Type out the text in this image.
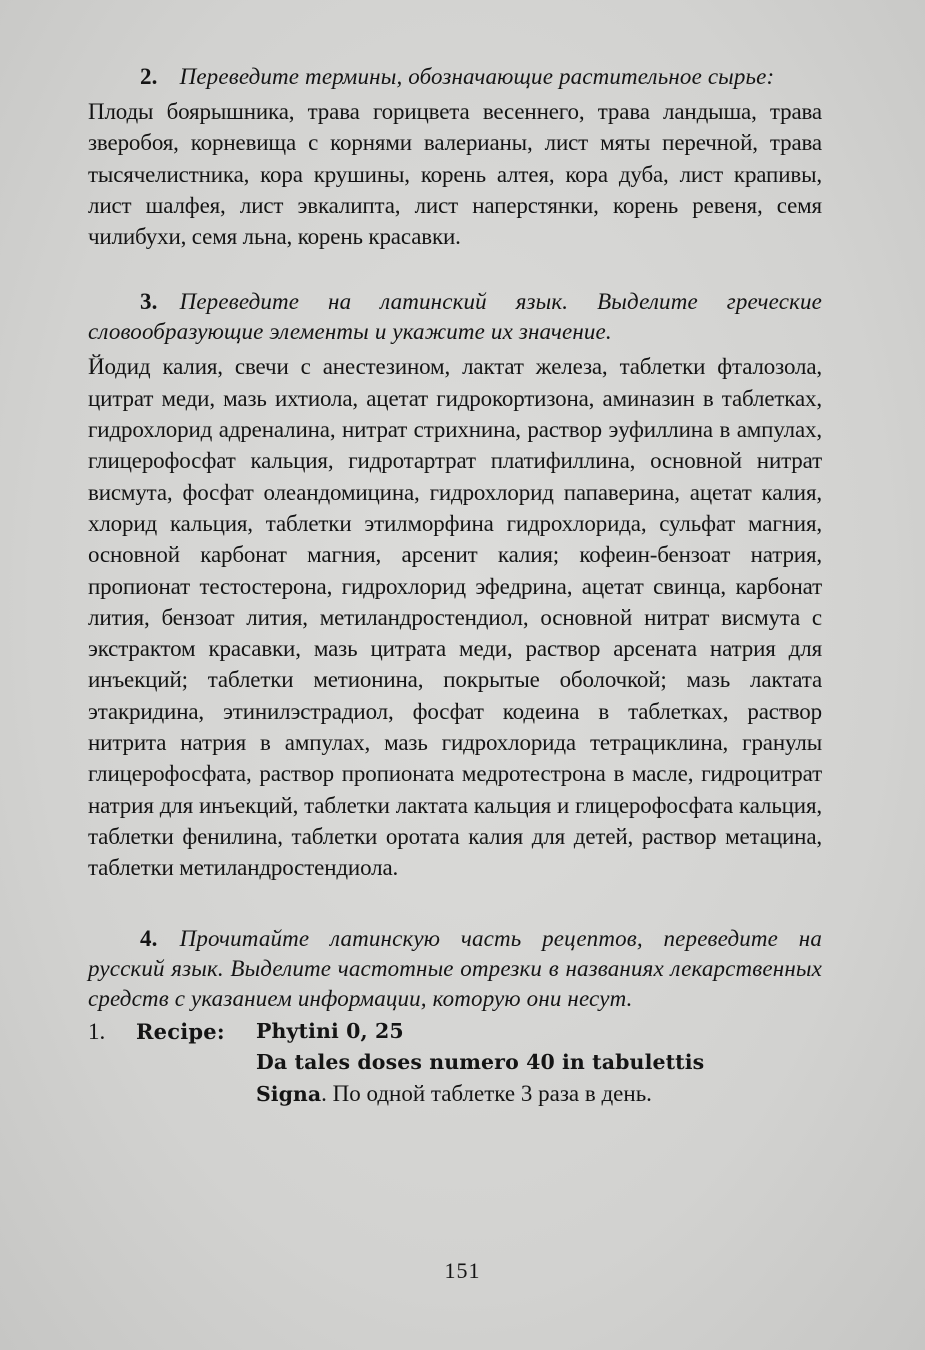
2. Переведите термины, обозначающие растительное сырье:

Плоды боярышника, трава горицвета весеннего, трава ландыша, трава зверобоя, корневища с корнями валерианы, лист мяты перечной, трава тысячелистника, кора крушины, корень алтея, кора дуба, лист крапивы, лист шалфея, лист эвкалипта, лист наперстянки, корень ревеня, семя чилибухи, семя льна, корень красавки.

3. Переведите на латинский язык. Выделите греческие словообразующие элементы и укажите их значение.

Йодид калия, свечи с анестезином, лактат железа, таблетки фталозола, цитрат меди, мазь ихтиола, ацетат гидрокортизона, аминазин в таблетках, гидрохлорид адреналина, нитрат стрихнина, раствор эуфиллина в ампулах, глицерофосфат кальция, гидротартрат платифиллина, основной нитрат висмута, фосфат олеандомицина, гидрохлорид папаверина, ацетат калия, хлорид кальция, таблетки этилморфина гидрохлорида, сульфат магния, основной карбонат магния, арсенит калия; кофеин-бензоат натрия, пропионат тестостерона, гидрохлорид эфедрина, ацетат свинца, карбонат лития, бензоат лития, метиландростендиол, основной нитрат висмута с экстрактом красавки, мазь цитрата меди, раствор арсената натрия для инъекций; таблетки метионина, покрытые оболочкой; мазь лактата этакридина, этинилэстрадиол, фосфат кодеина в таблетках, раствор нитрита натрия в ампулах, мазь гидрохлорида тетрациклина, гранулы глицерофосфата, раствор пропионата медротестрона в масле, гидроцитрат натрия для инъекций, таблетки лактата кальция и глицерофосфата кальция, таблетки фенилина, таблетки оротата калия для детей, раствор метацина, таблетки метиландростендиола.

4. Прочитайте латинскую часть рецептов, переведите на русский язык. Выделите частотные отрезки в названиях лекарственных средств с указанием информации, которую они несут.

1.	Recipe:	Phytini 0, 25
Da tales doses numero 40 in tabulettis
Signa. По одной таблетке 3 раза в день.
151
